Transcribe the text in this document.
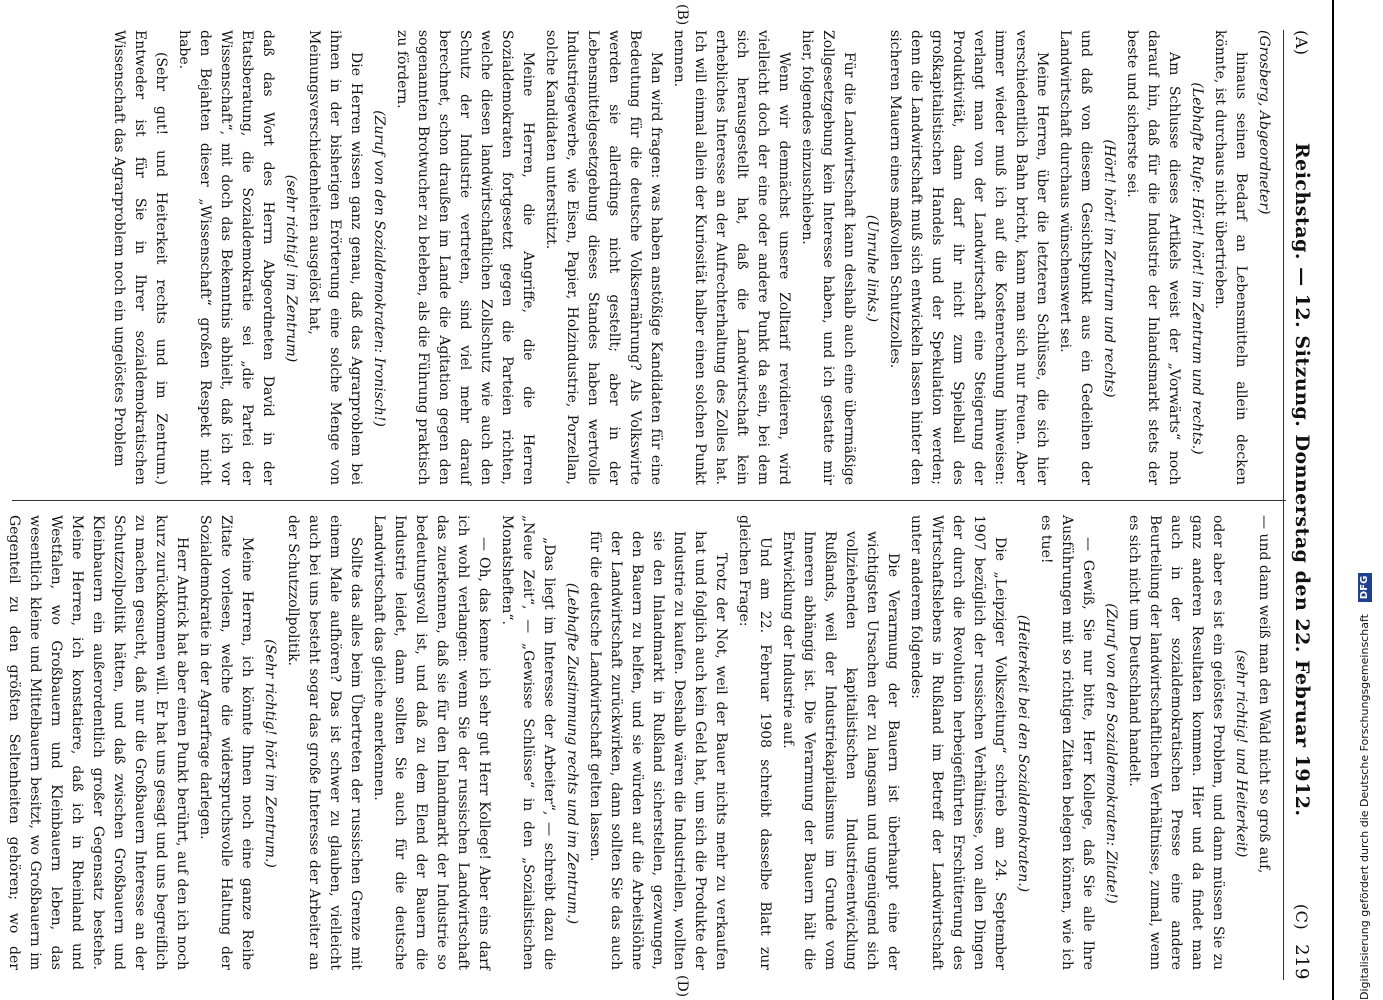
(A)
Reichstag. — 12. Sitzung. Donnerstag den 22. Februar 1912.
(C)
219

(Grosberg, Abgeordneter)

hinaus seinen Bedarf an Lebensmitteln allein decken könnte, ist durchaus nicht übertrieben.

(Lebhafte Rufe: Hört! hört! im Zentrum und rechts.)

Am Schlusse dieses Artikels weist der „Vorwärts“ noch darauf hin, daß für die Industrie der Inlandsmarkt stets der beste und sicherste sei.

(Hört! hört! im Zentrum und rechts)

und daß von diesem Gesichtspunkt aus ein Gedeihen der Landwirtschaft durchaus wünschenswert sei.

Meine Herren, über die letzteren Schlüsse, die sich hier verschiedentlich Bahn bricht, kann man sich nur freuen. Aber immer wieder muß ich auf die Kostenrechnung hinweisen: verlangt man von der Landwirtschaft eine Steigerung der Produktivität, dann darf ihr nicht zum Spielball des großkapitalistischen Handels und der Spekulation werden; denn die Landwirtschaft muß sich entwickeln lassen hinter den sicheren Mauern eines maßvollen Schutzzolles.

(Unruhe links.)

Für die Landwirtschaft kann deshalb auch eine übermäßige Zollgesetzgebung kein Interesse haben, und ich gestatte mir hier, folgendes einzuschieben.

Wenn wir demnächst unsere Zolltarif revidieren, wird vielleicht doch der eine oder andere Punkt da sein, bei dem sich herausgestellt hat, daß die Landwirtschaft kein erhebliches Interesse an der Aufrechterhaltung des Zolles hat. Ich will einmal allein der Kuriosität halber einen solchen Punkt nennen.

Man wird fragen: was haben anstößige Kandidaten für eine Bedeutung für die deutsche Volksernährung? Als Volkswirte werden sie allerdings nicht gestellt; aber in der Lebensmittelgesetzgebung dieses Standes haben wertvolle Industriegewerbe, wie Eisen, Papier, Holzindustrie, Porzellan, solche Kandidaten unterstützt.

Meine Herren, die Angriffe, die die Herren Sozialdemokraten fortgesetzt gegen die Parteien richten, welche diesen landwirtschaftlichen Zollschutz wie auch den Schutz der Industrie vertreten, sind viel mehr darauf berechnet, schon draußen im Lande die Agitation gegen den sogenannten Brotwucher zu beleben, als die Führung praktisch zu fördern.

(Zuruf von den Sozialdemokraten: Ironisch!)

Die Herren wissen ganz genau, daß das Agrarproblem bei ihnen in der bisherigen Erörterung eine solche Menge von Meinungsverschiedenheiten ausgelöst hat,

(sehr richtig! im Zentrum)

daß das Wort des Herrn Abgeordneten David in der Etatsberatung, die Sozialdemokratie sei „die Partei der Wissenschaft“, mit doch das Bekenntnis abhielt, daß ich vor den Bejahten dieser „Wissenschaft“ großen Respekt nicht habe.

(Sehr gut! und Heiterkeit rechts und im Zentrum.) Entweder ist für Sie in Ihrer sozialdemokratischen Wissenschaft das Agrarproblem noch ein ungelöstes Problem

— und dann weiß man den Wald nicht so groß auf,

(sehr richtig! und Heiterkeit)

oder aber es ist ein gelöstes Problem, und dann müssen Sie zu ganz anderen Resultaten kommen. Hier und da findet man auch in der sozialdemokratischen Presse eine andere Beurteilung der landwirtschaftlichen Verhältnisse, zumal, wenn es sich nicht um Deutschland handelt.

(Zuruf von den Sozialdemokraten: Zitate!)

— Gewiß, Sie nur bitte, Herr Kollege, daß Sie alle Ihre Ausführungen mit so richtigen Zitaten belegen können, wie ich es tue!

(Heiterkeit bei den Sozialdemokraten.)

Die „Leipziger Volkszeitung“ schrieb am 24. September 1907 bezüglich der russischen Verhältnisse, von allen Dingen der durch die Revolution herbeigeführten Erschütterung des Wirtschaftslebens in Rußland im Betreff der Landwirtschaft unter anderem folgendes:

Die Verarmung der Bauern ist überhaupt eine der wichtigsten Ursachen der zu langsam und ungenügend sich vollziehenden kapitalistischen Industrieentwicklung Rußlands, weil der Industriekapitalismus im Grunde vom Inneren abhängig ist. Die Verarmung der Bauern hält die Entwicklung der Industrie auf.

Und am 22. Februar 1908 schreibt dasselbe Blatt zur gleichen Frage:

Trotz der Not, weil der Bauer nichts mehr zu verkaufen hat und folglich auch kein Geld hat, um sich die Produkte der Industrie zu kaufen. Deshalb wären die Industriellen, wollten sie den Inlandmarkt in Rußland sicherstellen, gezwungen, den Bauern zu helfen, und sie würden auf die Arbeitslöhne der Landwirtschaft zurückwirken, dann sollten Sie das auch für die deutsche Landwirtschaft gelten lassen.

(Lebhafte Zustimmung rechts und im Zentrum.)

„Das liegt im Interesse der Arbeiter“, — schreibt dazu die „Neue Zeit“, — „Gewisse Schlüsse“ in den „Sozialistischen Monatsheften“.

— Oh, das kenne ich sehr gut Herr Kollege! Aber eins darf ich wohl verlangen: wenn Sie der russischen Landwirtschaft das zuerkennen, daß sie für den Inlandmarkt der Industrie so bedeutungsvoll ist, und daß zu dem Elend der Bauern die Industrie leidet, dann sollten Sie auch für die deutsche Landwirtschaft das gleiche anerkennen.

Sollte das alles beim Übertreten der russischen Grenze mit einem Male aufhören? Das ist schwer zu glauben, vielleicht auch bei uns besteht sogar das große Interesse der Arbeiter an der Schutzzollpolitik.

(Sehr richtig! hört im Zentrum.)

Meine Herren, ich könnte Ihnen noch eine ganze Reihe Zitate vorlesen, welche die widerspruchsvolle Haltung der Sozialdemokratie in der Agrarfrage darlegen.

Herr Antrick hat aber einen Punkt berührt, auf den ich noch kurz zurückkommen will. Er hat uns gesagt und uns begreiflich zu machen gesucht, daß nur die Großbauern Interesse an der Schutzzollpolitik hätten, und daß zwischen Großbauern und Kleinbauern ein außerordentlich großer Gegensatz bestehe. Meine Herren, ich konstatiere, daß ich in Rheinland und Westfalen, wo Großbauern und Kleinbauern leben, das wesentlich kleine und Mittelbauern besitzt, wo Großbauern im Gegenteil zu den größten Seltenheiten gehören; wo der

(B)
(D)	Digitalisierung gefördert durch die Deutsche Forschungsgemeinschaft
DFG
